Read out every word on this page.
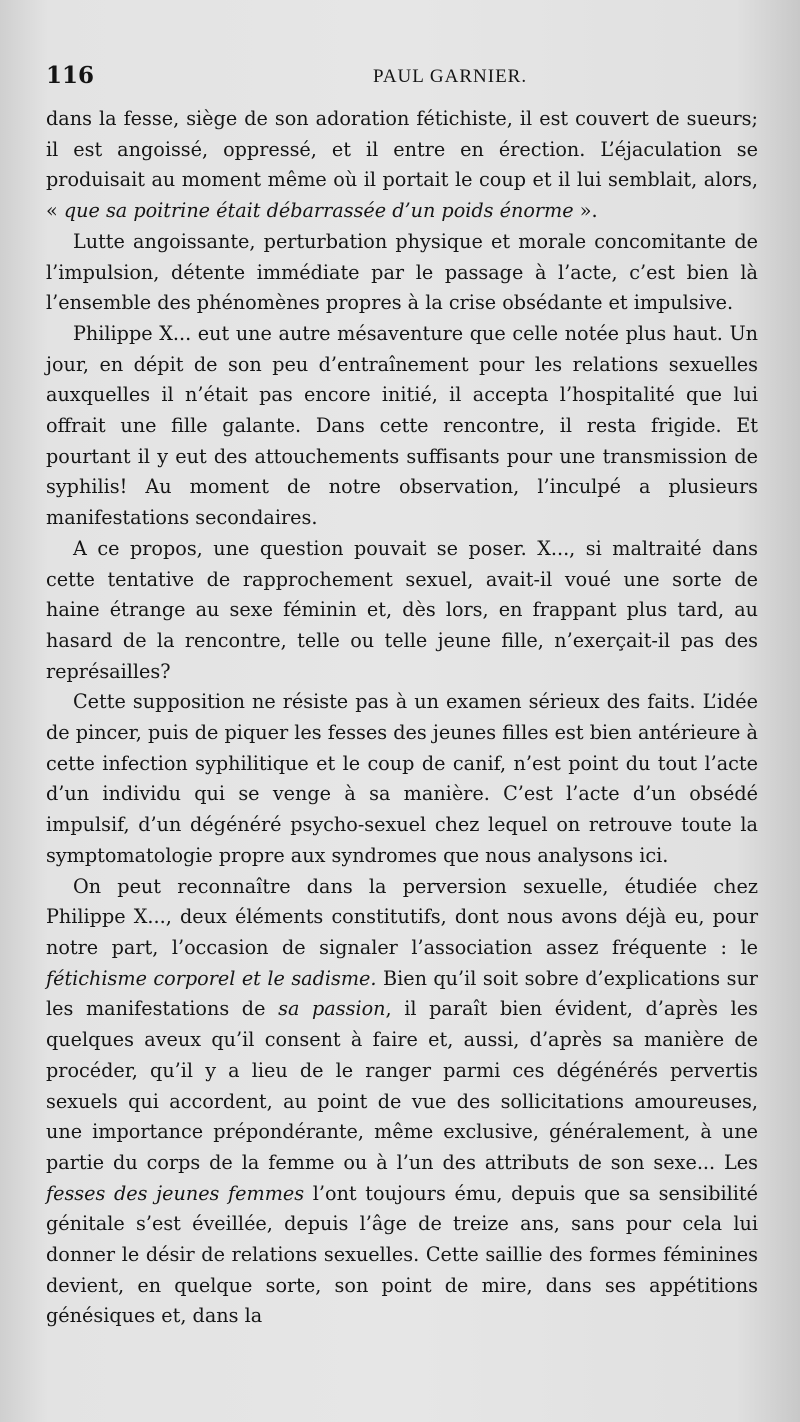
116	PAUL GARNIER.

dans la fesse, siège de son adoration fétichiste, il est couvert de sueurs; il est angoissé, oppressé, et il entre en érection. L’éjaculation se produisait au moment même où il portait le coup et il lui semblait, alors, « que sa poitrine était débarrassée d’un poids énorme ».

Lutte angoissante, perturbation physique et morale concomitante de l’impulsion, détente immédiate par le passage à l’acte, c’est bien là l’ensemble des phénomènes propres à la crise obsédante et impulsive.

Philippe X... eut une autre mésaventure que celle notée plus haut. Un jour, en dépit de son peu d’entraînement pour les relations sexuelles auxquelles il n’était pas encore initié, il accepta l’hospitalité que lui offrait une fille galante. Dans cette rencontre, il resta frigide. Et pourtant il y eut des attouchements suffisants pour une transmission de syphilis! Au moment de notre observation, l’inculpé a plusieurs manifestations secondaires.

A ce propos, une question pouvait se poser. X..., si maltraité dans cette tentative de rapprochement sexuel, avait-il voué une sorte de haine étrange au sexe féminin et, dès lors, en frappant plus tard, au hasard de la rencontre, telle ou telle jeune fille, n’exerçait-il pas des représailles?

Cette supposition ne résiste pas à un examen sérieux des faits. L’idée de pincer, puis de piquer les fesses des jeunes filles est bien antérieure à cette infection syphilitique et le coup de canif, n’est point du tout l’acte d’un individu qui se venge à sa manière. C’est l’acte d’un obsédé impulsif, d’un dégénéré psycho-sexuel chez lequel on retrouve toute la symptomatologie propre aux syndromes que nous analysons ici.

On peut reconnaître dans la perversion sexuelle, étudiée chez Philippe X..., deux éléments constitutifs, dont nous avons déjà eu, pour notre part, l’occasion de signaler l’association assez fréquente : le fétichisme corporel et le sadisme. Bien qu’il soit sobre d’explications sur les manifestations de sa passion, il paraît bien évident, d’après les quelques aveux qu’il consent à faire et, aussi, d’après sa manière de procéder, qu’il y a lieu de le ranger parmi ces dégénérés pervertis sexuels qui accordent, au point de vue des sollicitations amoureuses, une importance prépondérante, même exclusive, généralement, à une partie du corps de la femme ou à l’un des attributs de son sexe... Les fesses des jeunes femmes l’ont toujours ému, depuis que sa sensibilité génitale s’est éveillée, depuis l’âge de treize ans, sans pour cela lui donner le désir de relations sexuelles. Cette saillie des formes féminines devient, en quelque sorte, son point de mire, dans ses appétitions génésiques et, dans la
